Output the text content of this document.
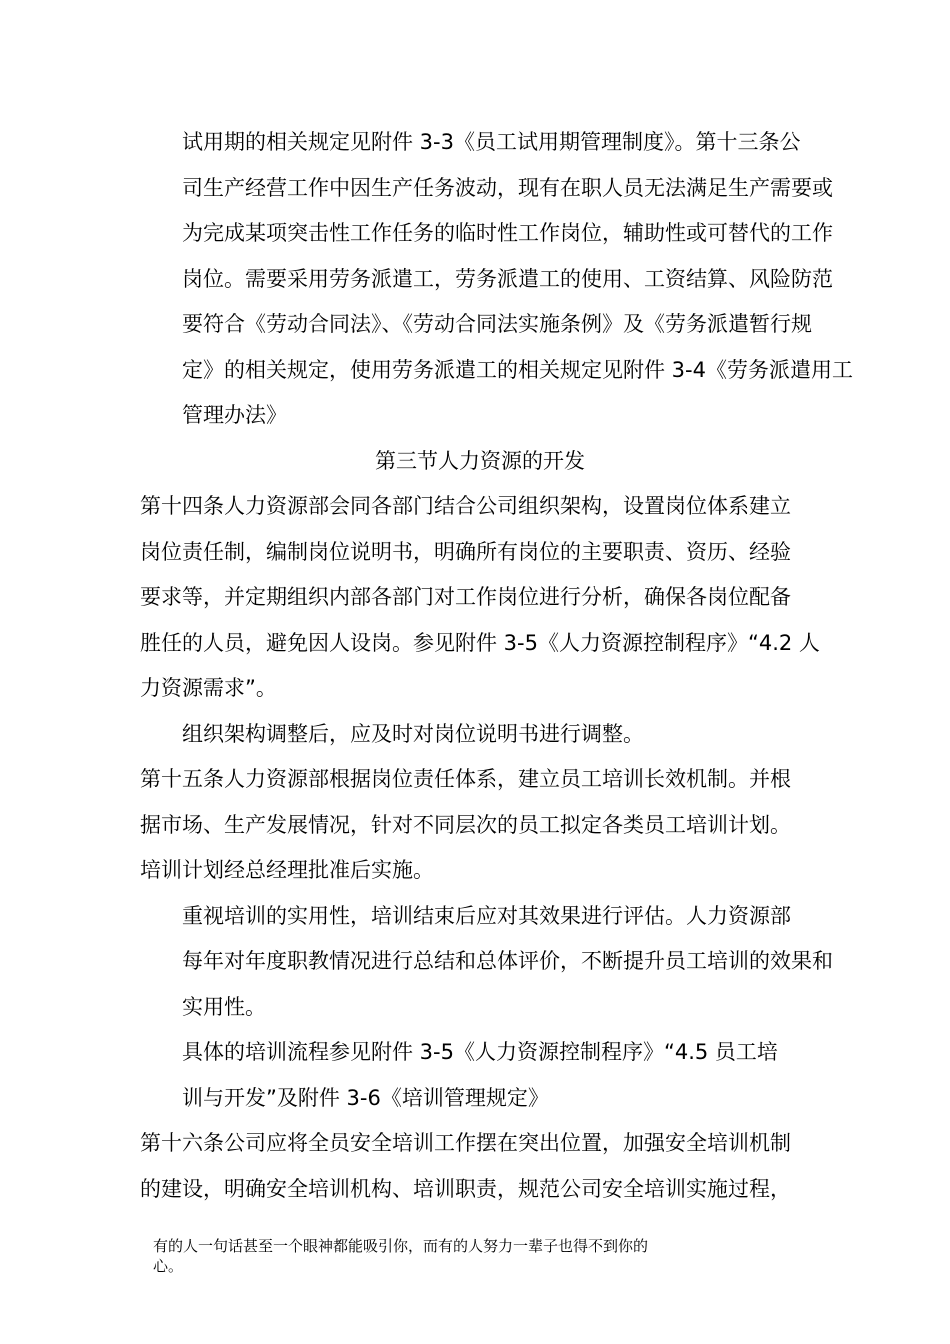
试用期的相关规定见附件 3-3《员工试用期管理制度》。第十三条公
司生产经营工作中因生产任务波动，现有在职人员无法满足生产需要或
为完成某项突击性工作任务的临时性工作岗位，辅助性或可替代的工作
岗位。需要采用劳务派遣工，劳务派遣工的使用、工资结算、风险防范
要符合《劳动合同法》、《劳动合同法实施条例》及《劳务派遣暂行规
定》的相关规定，使用劳务派遣工的相关规定见附件 3-4《劳务派遣用工
管理办法》

第三节人力资源的开发

第十四条人力资源部会同各部门结合公司组织架构，设置岗位体系建立
岗位责任制，编制岗位说明书，明确所有岗位的主要职责、资历、经验
要求等，并定期组织内部各部门对工作岗位进行分析，确保各岗位配备
胜任的人员，避免因人设岗。参见附件 3-5《人力资源控制程序》“4.2 人
力资源需求”。

组织架构调整后，应及时对岗位说明书进行调整。

第十五条人力资源部根据岗位责任体系，建立员工培训长效机制。并根
据市场、生产发展情况，针对不同层次的员工拟定各类员工培训计划。
培训计划经总经理批准后实施。

重视培训的实用性，培训结束后应对其效果进行评估。人力资源部
每年对年度职教情况进行总结和总体评价，不断提升员工培训的效果和
实用性。

具体的培训流程参见附件 3-5《人力资源控制程序》“4.5 员工培
训与开发”及附件 3-6《培训管理规定》

第十六条公司应将全员安全培训工作摆在突出位置，加强安全培训机制
的建设，明确安全培训机构、培训职责，规范公司安全培训实施过程，

有的人一句话甚至一个眼神都能吸引你，而有的人努力一辈子也得不到你的
心。
